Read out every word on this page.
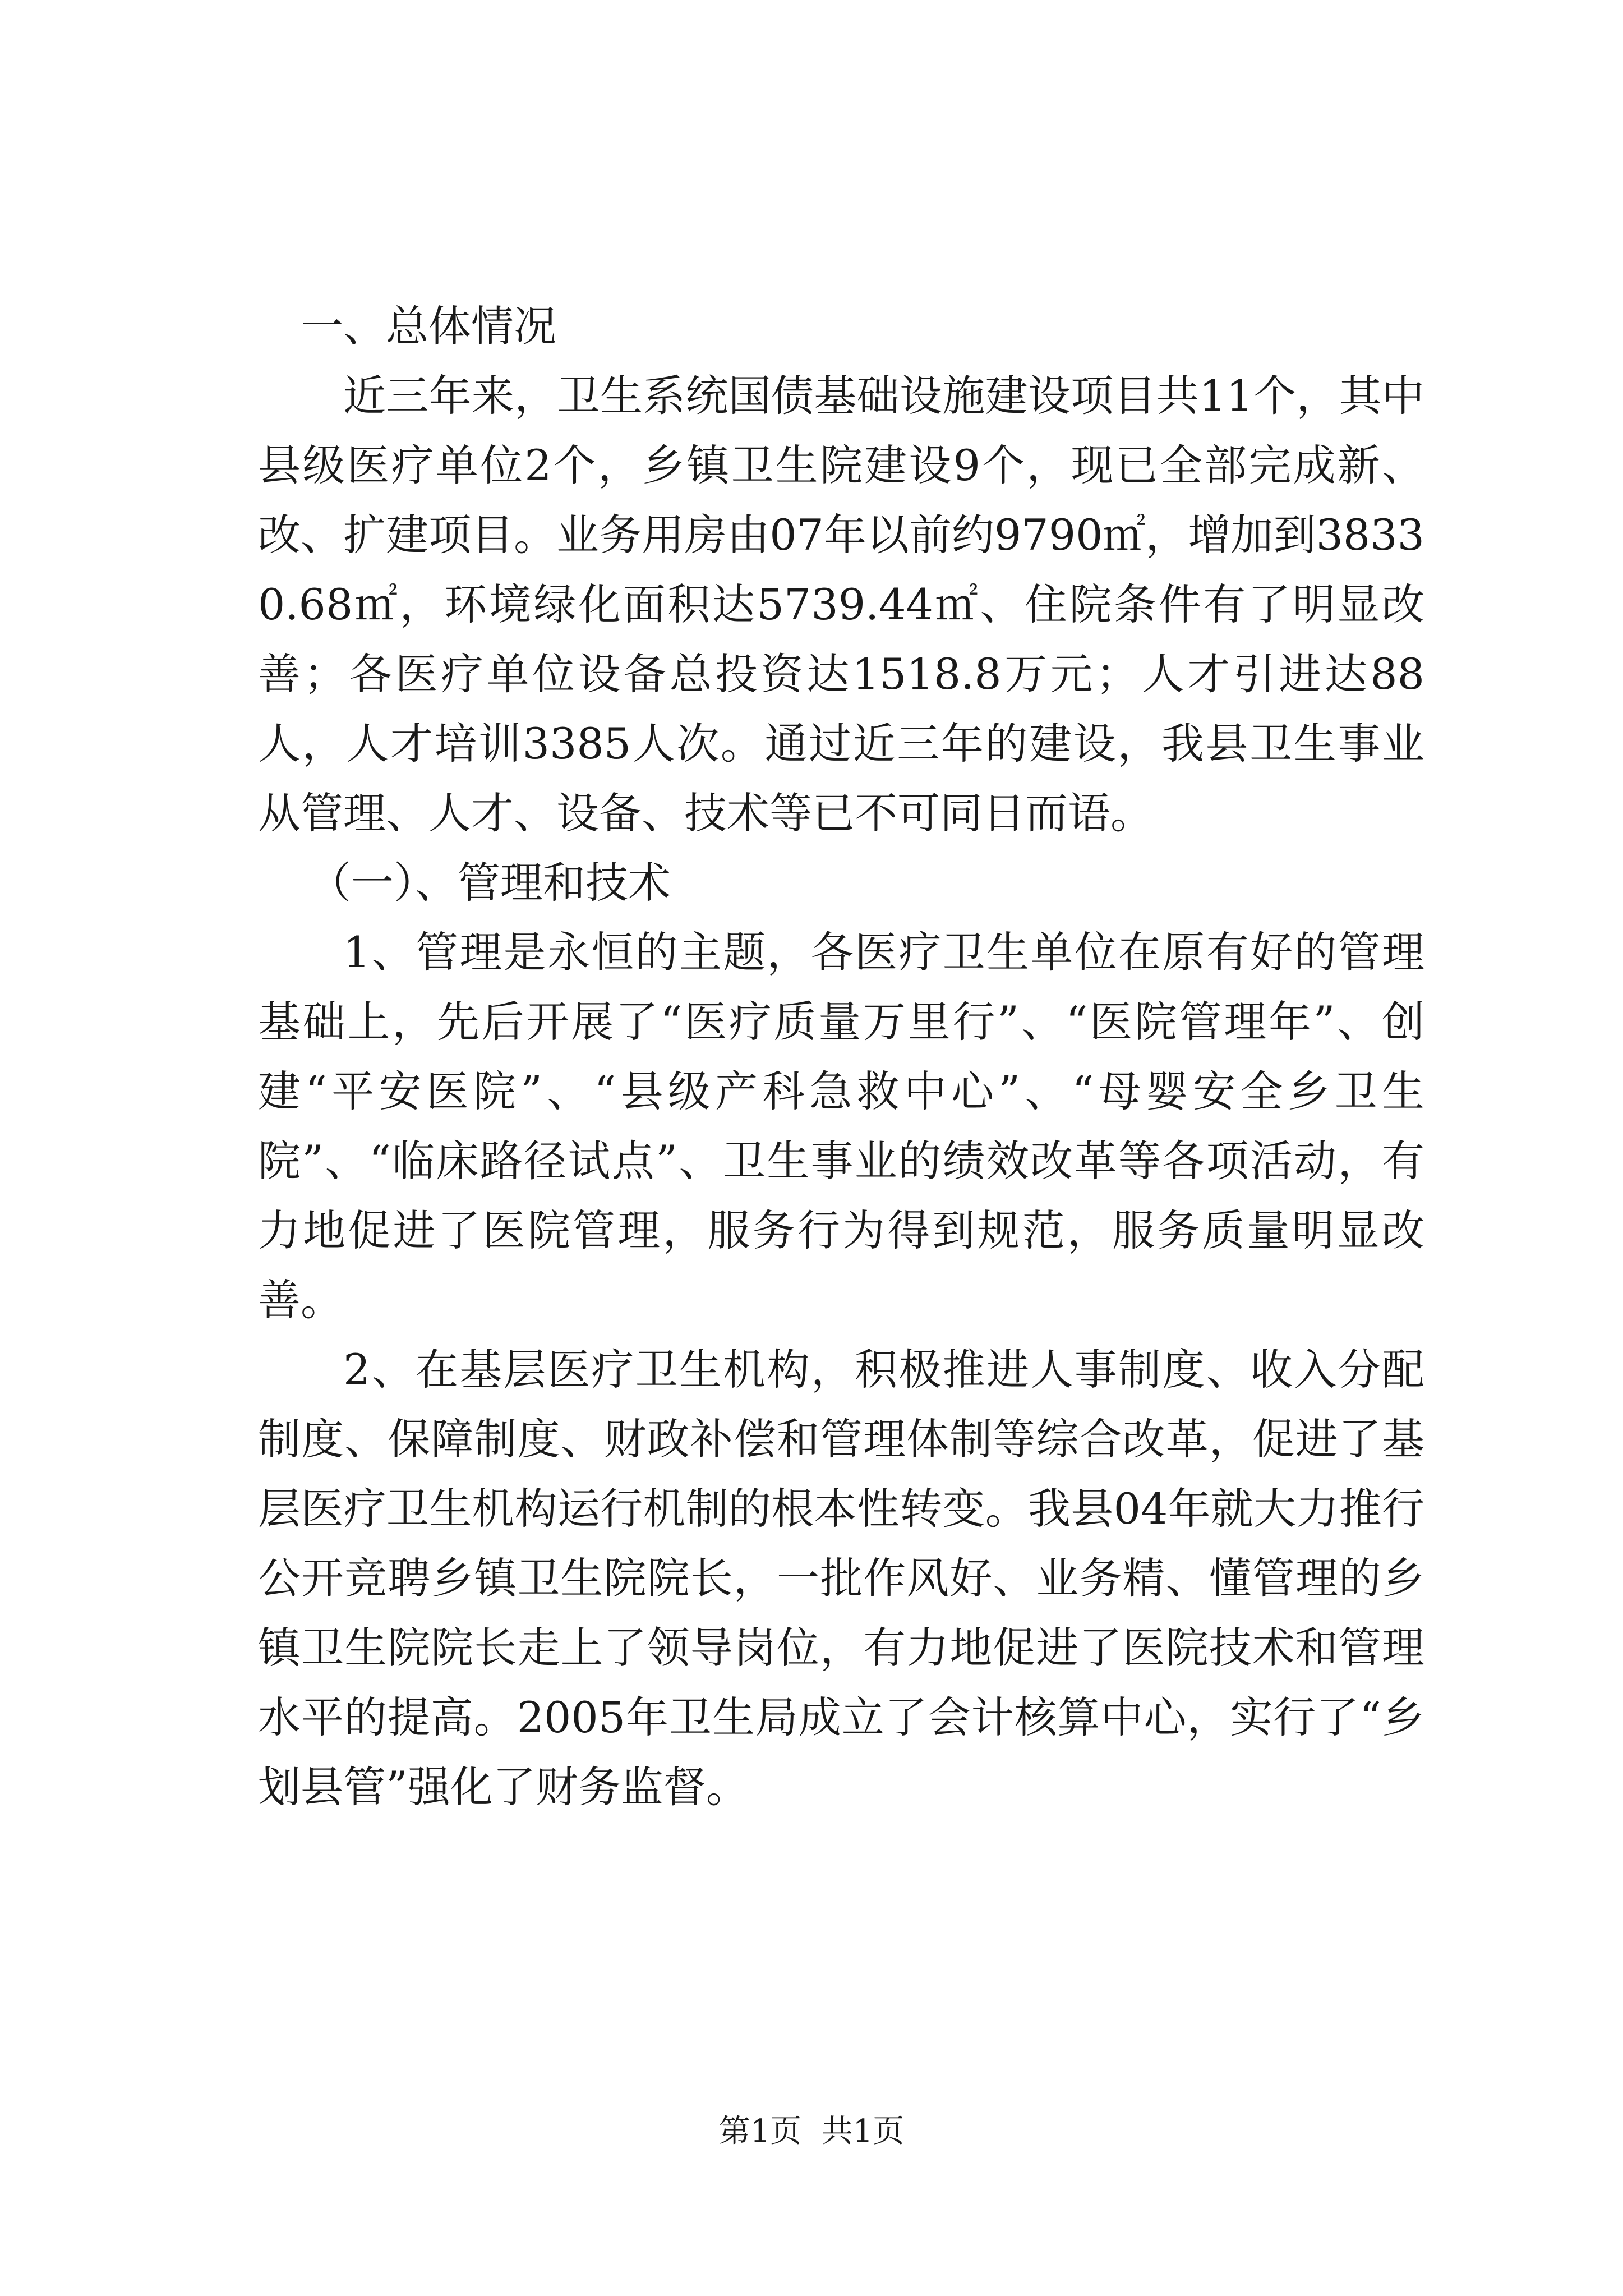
一、总体情况

近三年来，卫生系统国债基础设施建设项目共11个，其中县级医疗单位2个，乡镇卫生院建设9个，现已全部完成新、改、扩建项目。业务用房由07年以前约9790㎡，增加到38330.68㎡，环境绿化面积达5739.44㎡、住院条件有了明显改善；各医疗单位设备总投资达1518.8万元；人才引进达88人，人才培训3385人次。通过近三年的建设，我县卫生事业从管理、人才、设备、技术等已不可同日而语。

（一）、管理和技术

1、管理是永恒的主题，各医疗卫生单位在原有好的管理基础上，先后开展了“医疗质量万里行”、“医院管理年”、创建“平安医院”、“县级产科急救中心”、“母婴安全乡卫生院”、“临床路径试点”、卫生事业的绩效改革等各项活动，有力地促进了医院管理，服务行为得到规范，服务质量明显改善。

2、在基层医疗卫生机构，积极推进人事制度、收入分配制度、保障制度、财政补偿和管理体制等综合改革，促进了基层医疗卫生机构运行机制的根本性转变。我县04年就大力推行公开竞聘乡镇卫生院院长，一批作风好、业务精、懂管理的乡镇卫生院院长走上了领导岗位，有力地促进了医院技术和管理水平的提高。2005年卫生局成立了会计核算中心，实行了“乡划县管”强化了财务监督。

第1页  共1页
